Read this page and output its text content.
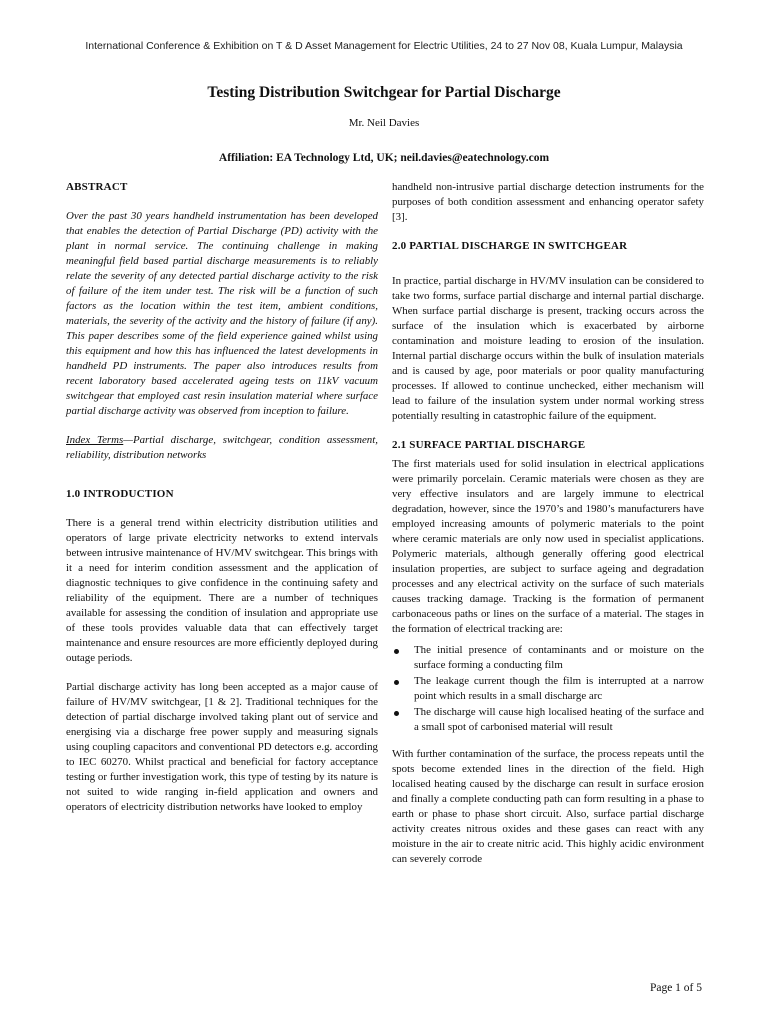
International Conference & Exhibition on T & D Asset Management for Electric Utilities, 24 to 27 Nov 08, Kuala Lumpur, Malaysia
Testing Distribution Switchgear for Partial Discharge
Mr. Neil Davies
Affiliation: EA Technology Ltd, UK; neil.davies@eatechnology.com
ABSTRACT

Over the past 30 years handheld instrumentation has been developed that enables the detection of Partial Discharge (PD) activity with the plant in normal service. The continuing challenge in making meaningful field based partial discharge measurements is to reliably relate the severity of any detected partial discharge activity to the risk of failure of the item under test. The risk will be a function of such factors as the location within the test item, ambient conditions, materials, the severity of the activity and the history of failure (if any). This paper describes some of the field experience gained whilst using this equipment and how this has influenced the latest developments in handheld PD instruments. The paper also introduces results from recent laboratory based accelerated ageing tests on 11kV vacuum switchgear that employed cast resin insulation material where surface partial discharge activity was observed from inception to failure.

Index Terms—Partial discharge, switchgear, condition assessment, reliability, distribution networks

1.0 INTRODUCTION

There is a general trend within electricity distribution utilities and operators of large private electricity networks to extend intervals between intrusive maintenance of HV/MV switchgear. This brings with it a need for interim condition assessment and the application of diagnostic techniques to give confidence in the continuing safety and reliability of the equipment. There are a number of techniques available for assessing the condition of insulation and appropriate use of these tools provides valuable data that can effectively target maintenance and ensure resources are more efficiently deployed during outage periods.

Partial discharge activity has long been accepted as a major cause of failure of HV/MV switchgear, [1 & 2]. Traditional techniques for the detection of partial discharge involved taking plant out of service and energising via a discharge free power supply and measuring signals using coupling capacitors and conventional PD detectors e.g. according to IEC 60270. Whilst practical and beneficial for factory acceptance testing or further investigation work, this type of testing by its nature is not suited to wide ranging in-field application and owners and operators of electricity distribution networks have looked to employ

handheld non-intrusive partial discharge detection instruments for the purposes of both condition assessment and enhancing operator safety [3].

2.0 PARTIAL DISCHARGE IN SWITCHGEAR

In practice, partial discharge in HV/MV insulation can be considered to take two forms, surface partial discharge and internal partial discharge. When surface partial discharge is present, tracking occurs across the surface of the insulation which is exacerbated by airborne contamination and moisture leading to erosion of the insulation. Internal partial discharge occurs within the bulk of insulation materials and is caused by age, poor materials or poor quality manufacturing processes. If allowed to continue unchecked, either mechanism will lead to failure of the insulation system under normal working stress potentially resulting in catastrophic failure of the equipment.

2.1 SURFACE PARTIAL DISCHARGE

The first materials used for solid insulation in electrical applications were primarily porcelain. Ceramic materials were chosen as they are very effective insulators and are largely immune to electrical degradation, however, since the 1970’s and 1980’s manufacturers have employed increasing amounts of polymeric materials to the point where ceramic materials are only now used in specialist applications. Polymeric materials, although generally offering good electrical insulation properties, are subject to surface ageing and degradation processes and any electrical activity on the surface of such materials causes tracking damage. Tracking is the formation of permanent carbonaceous paths or lines on the surface of a material. The stages in the formation of electrical tracking are:

The initial presence of contaminants and or moisture on the surface forming a conducting film
The leakage current though the film is interrupted at a narrow point which results in a small discharge arc
The discharge will cause high localised heating of the surface and a small spot of carbonised material will result

With further contamination of the surface, the process repeats until the spots become extended lines in the direction of the field. High localised heating caused by the discharge can result in surface erosion and finally a complete conducting path can form resulting in a phase to earth or phase to phase short circuit. Also, surface partial discharge activity creates nitrous oxides and these gases can react with any moisture in the air to create nitric acid. This highly acidic environment can severely corrode

Page 1 of 5
